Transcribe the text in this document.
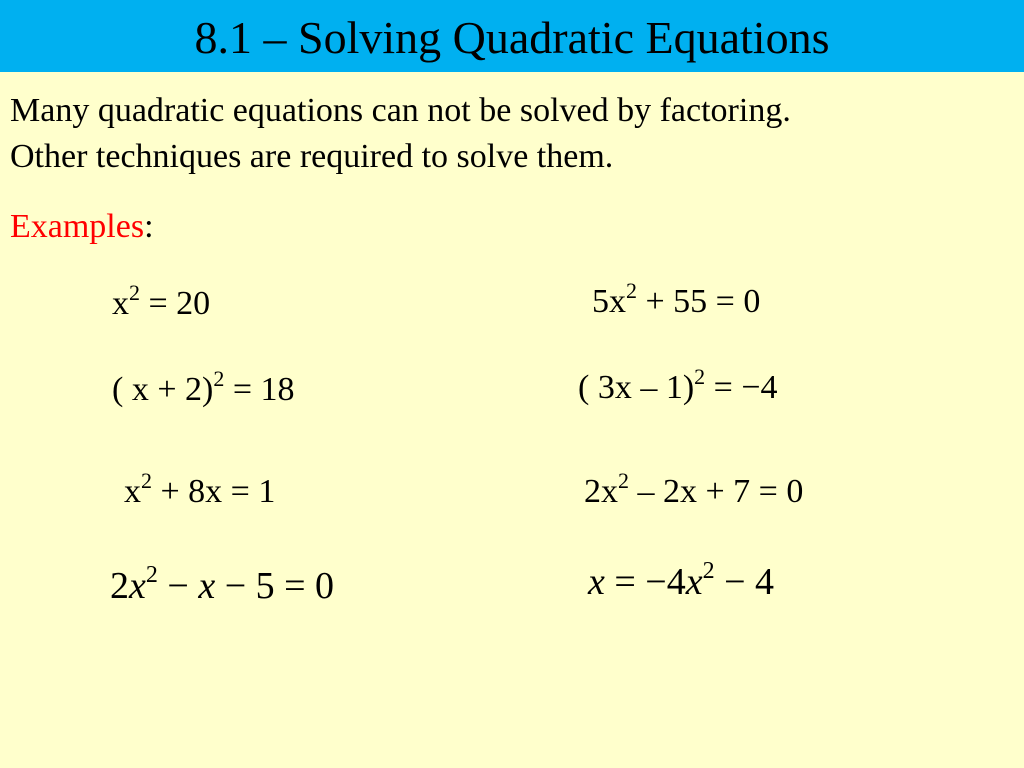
8.1 – Solving Quadratic Equations
Many quadratic equations can not be solved by factoring.
Other techniques are required to solve them.
Examples:
$x^2 = 20$	$5x^2 + 55 = 0$
( x + 2)$^2$ = 18	( 3x – 1)$^2$ = −4
$x^2 + 8x = 1$	$2x^2 - 2x + 7 = 0$
$2x^2 - x - 5 = 0$	$x = -4x^2 - 4$
